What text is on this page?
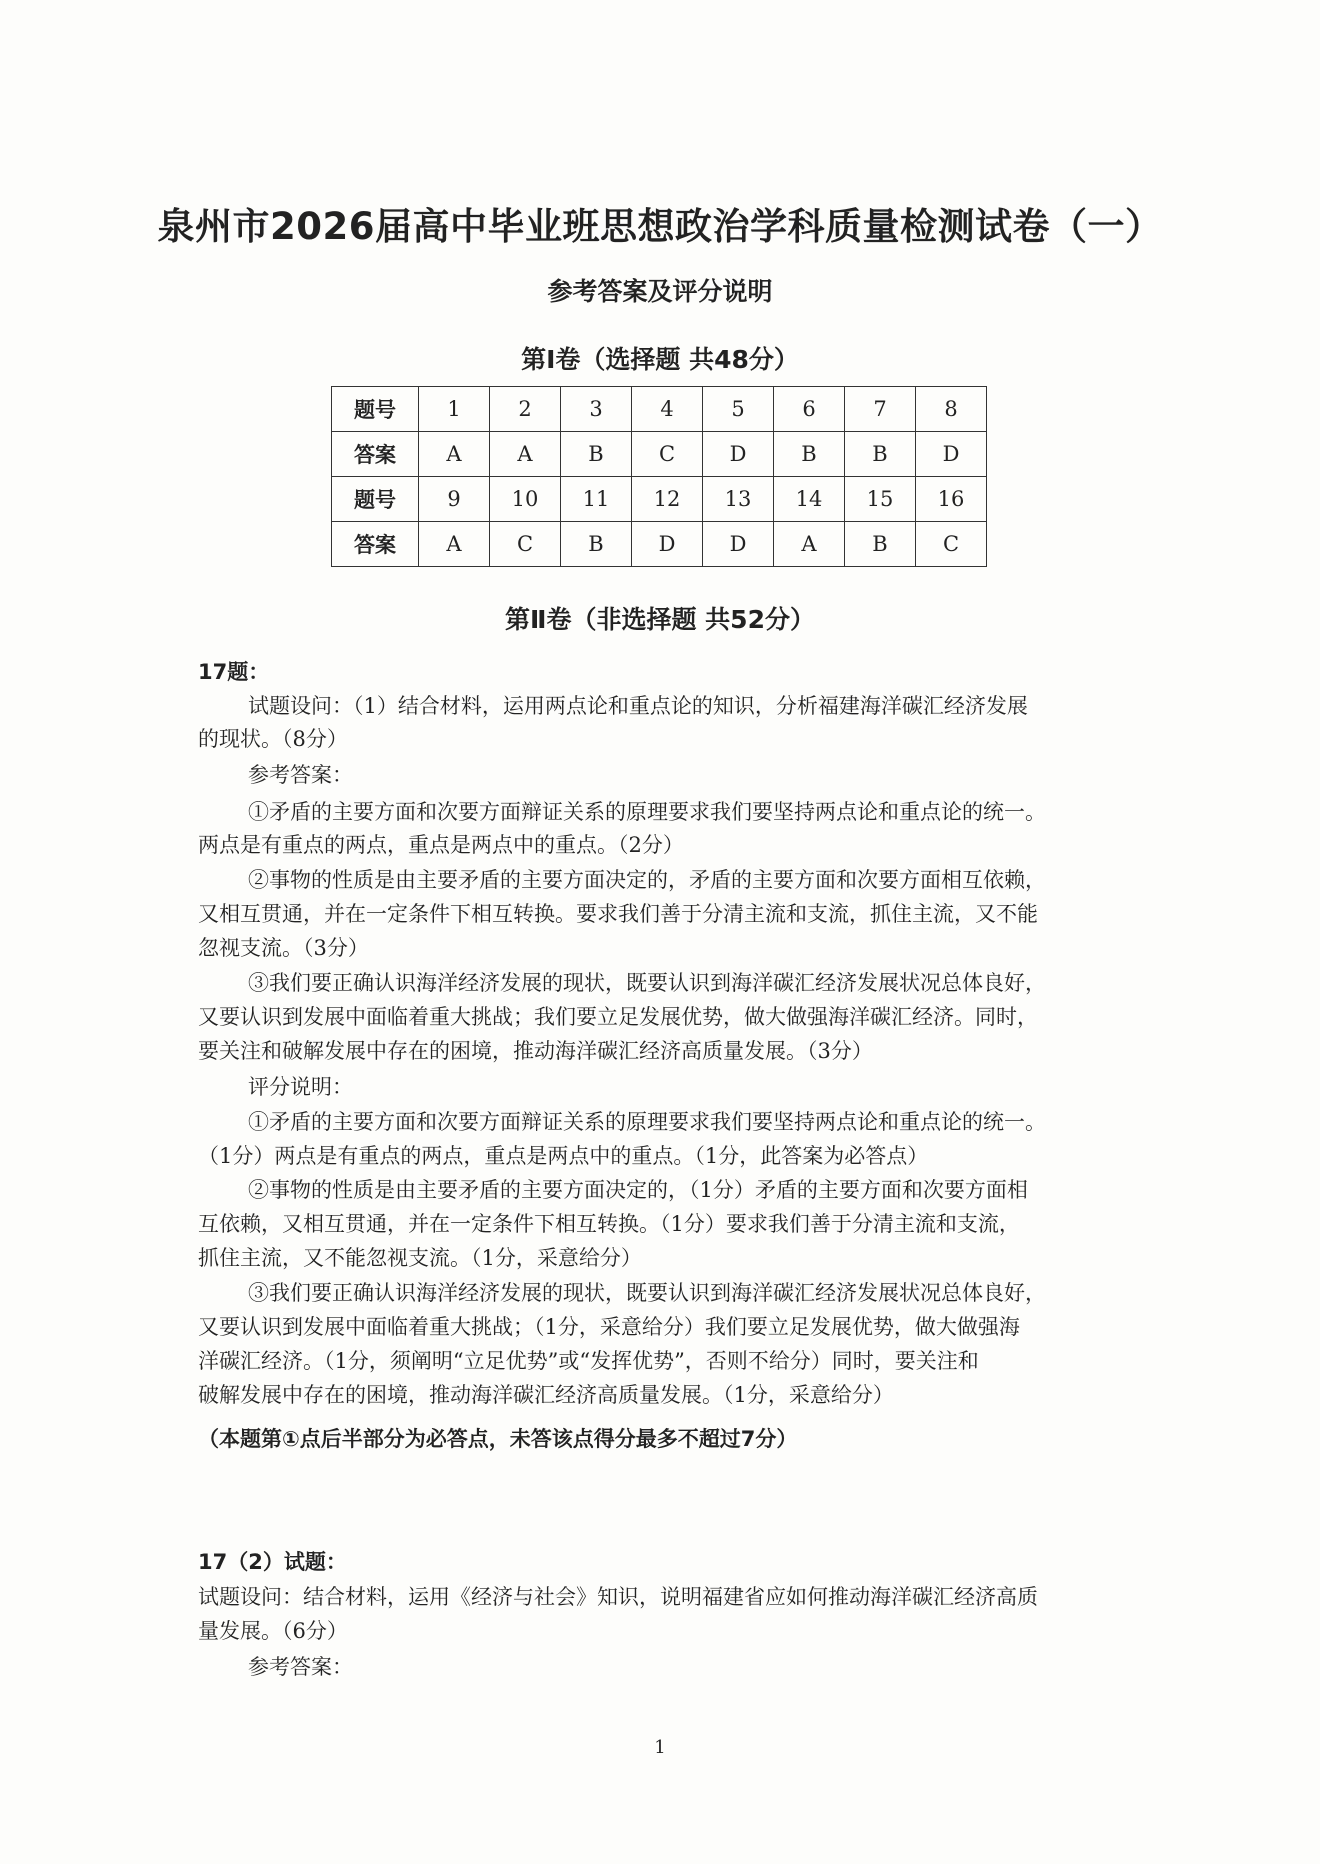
泉州市2026届高中毕业班思想政治学科质量检测试卷（一）
参考答案及评分说明
第Ⅰ卷（选择题 共48分）
题号	1	2	3	4	5	6	7	8
答案	A	A	B	C	D	B	B	D
题号	9	10	11	12	13	14	15	16
答案	A	C	B	D	D	A	B	C
第Ⅱ卷（非选择题 共52分）
17题：
试题设问：（1）结合材料，运用两点论和重点论的知识，分析福建海洋碳汇经济发展
的现状。（8分）
参考答案：
①矛盾的主要方面和次要方面辩证关系的原理要求我们要坚持两点论和重点论的统一。
两点是有重点的两点，重点是两点中的重点。（2分）
②事物的性质是由主要矛盾的主要方面决定的，矛盾的主要方面和次要方面相互依赖，
又相互贯通，并在一定条件下相互转换。要求我们善于分清主流和支流，抓住主流，又不能
忽视支流。（3分）
③我们要正确认识海洋经济发展的现状，既要认识到海洋碳汇经济发展状况总体良好，
又要认识到发展中面临着重大挑战；我们要立足发展优势，做大做强海洋碳汇经济。同时，
要关注和破解发展中存在的困境，推动海洋碳汇经济高质量发展。（3分）
评分说明：
①矛盾的主要方面和次要方面辩证关系的原理要求我们要坚持两点论和重点论的统一。
（1分）两点是有重点的两点，重点是两点中的重点。（1分，此答案为必答点）
②事物的性质是由主要矛盾的主要方面决定的，（1分）矛盾的主要方面和次要方面相
互依赖，又相互贯通，并在一定条件下相互转换。（1分）要求我们善于分清主流和支流，
抓住主流，又不能忽视支流。（1分，采意给分）
③我们要正确认识海洋经济发展的现状，既要认识到海洋碳汇经济发展状况总体良好，
又要认识到发展中面临着重大挑战；（1分，采意给分）我们要立足发展优势，做大做强海
洋碳汇经济。（1分，须阐明“立足优势”或“发挥优势”，否则不给分）同时，要关注和
破解发展中存在的困境，推动海洋碳汇经济高质量发展。（1分，采意给分）
（本题第①点后半部分为必答点，未答该点得分最多不超过7分）
17（2）试题：
试题设问：结合材料，运用《经济与社会》知识，说明福建省应如何推动海洋碳汇经济高质
量发展。（6分）
参考答案：
1
